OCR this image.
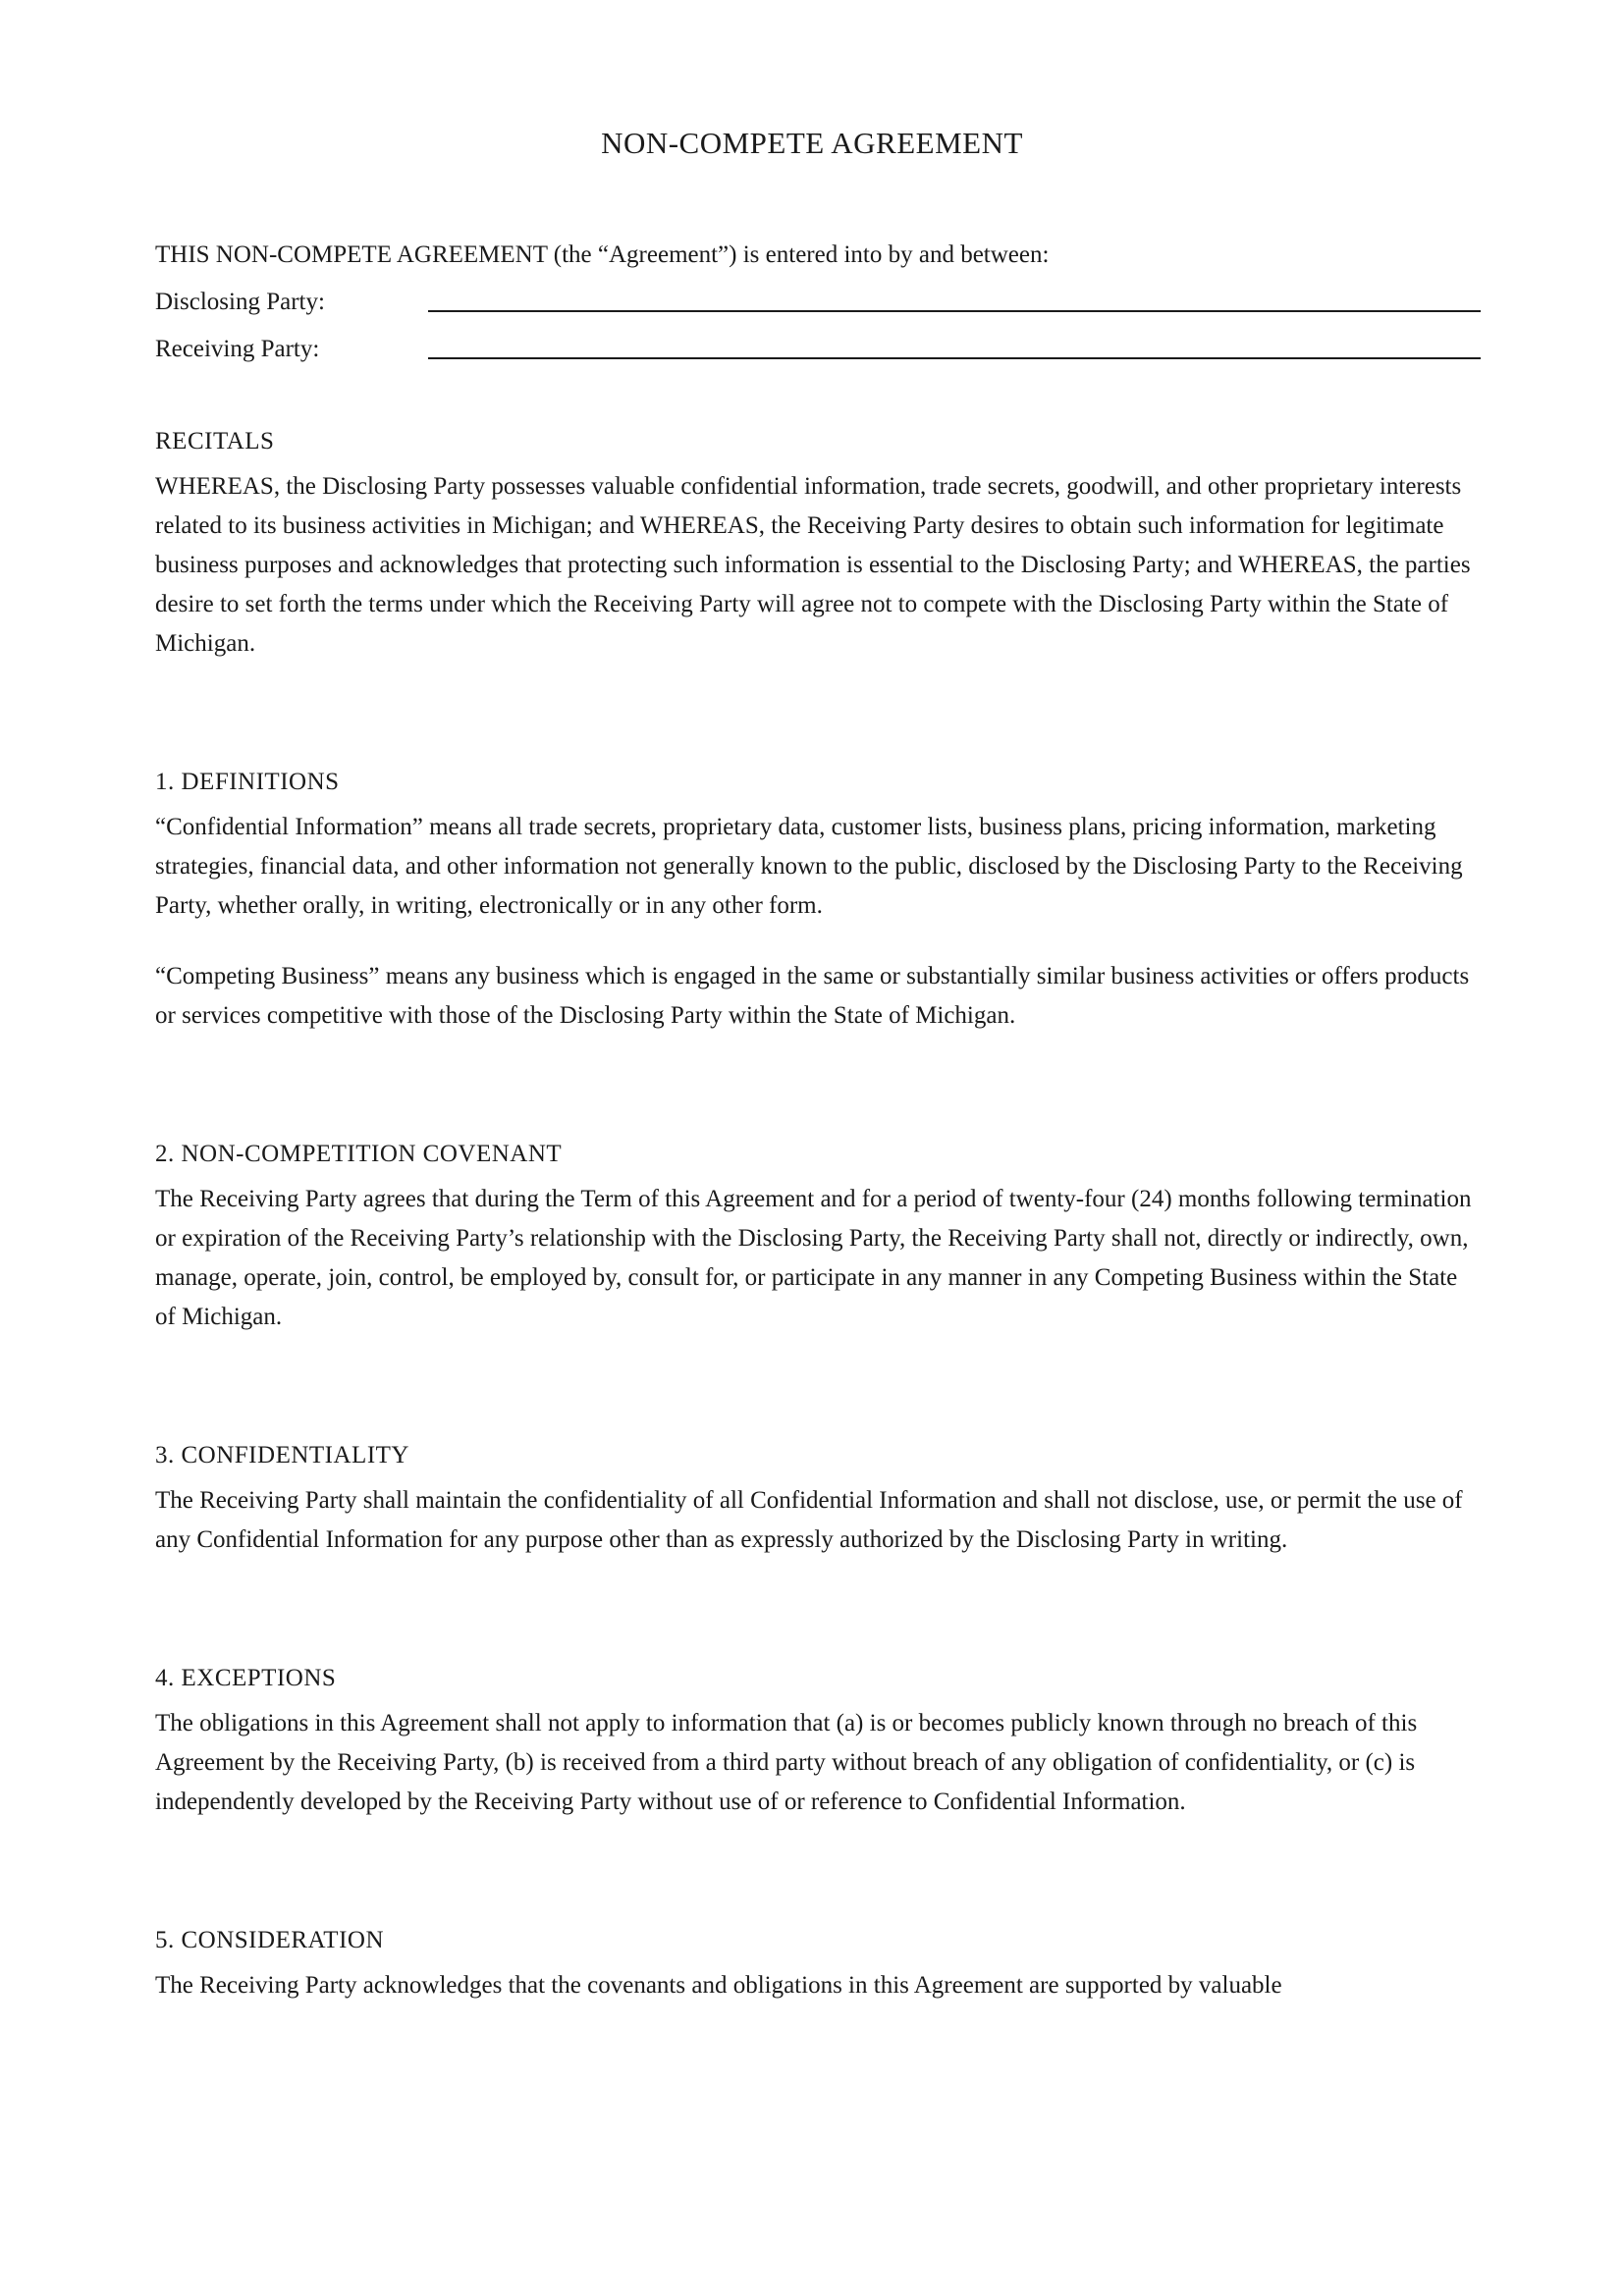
NON-COMPETE AGREEMENT

THIS NON-COMPETE AGREEMENT (the “Agreement”) is entered into by and between:

Disclosing Party:
Receiving Party:

RECITALS

WHEREAS, the Disclosing Party possesses valuable confidential information, trade secrets, goodwill, and other proprietary interests related to its business activities in Michigan; and WHEREAS, the Receiving Party desires to obtain such information for legitimate business purposes and acknowledges that protecting such information is essential to the Disclosing Party; and WHEREAS, the parties desire to set forth the terms under which the Receiving Party will agree not to compete with the Disclosing Party within the State of Michigan.

1. DEFINITIONS

“Confidential Information” means all trade secrets, proprietary data, customer lists, business plans, pricing information, marketing strategies, financial data, and other information not generally known to the public, disclosed by the Disclosing Party to the Receiving Party, whether orally, in writing, electronically or in any other form.

“Competing Business” means any business which is engaged in the same or substantially similar business activities or offers products or services competitive with those of the Disclosing Party within the State of Michigan.

2. NON-COMPETITION COVENANT

The Receiving Party agrees that during the Term of this Agreement and for a period of twenty-four (24) months following termination or expiration of the Receiving Party’s relationship with the Disclosing Party, the Receiving Party shall not, directly or indirectly, own, manage, operate, join, control, be employed by, consult for, or participate in any manner in any Competing Business within the State of Michigan.

3. CONFIDENTIALITY

The Receiving Party shall maintain the confidentiality of all Confidential Information and shall not disclose, use, or permit the use of any Confidential Information for any purpose other than as expressly authorized by the Disclosing Party in writing.

4. EXCEPTIONS

The obligations in this Agreement shall not apply to information that (a) is or becomes publicly known through no breach of this Agreement by the Receiving Party, (b) is received from a third party without breach of any obligation of confidentiality, or (c) is independently developed by the Receiving Party without use of or reference to Confidential Information.

5. CONSIDERATION

The Receiving Party acknowledges that the covenants and obligations in this Agreement are supported by valuable
